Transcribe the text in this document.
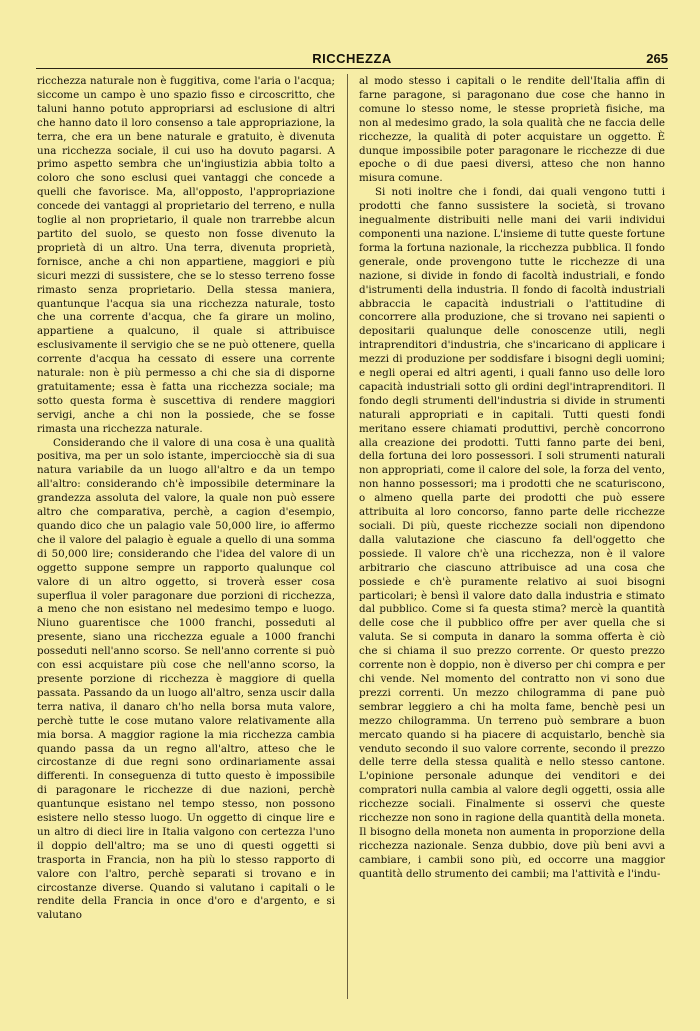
RICCHEZZA	265

ricchezza naturale non è fuggitiva, come l'aria o l'acqua; siccome un campo è uno spazio fisso e circoscritto, che taluni hanno potuto appropriarsi ad esclusione di altri che hanno dato il loro consenso a tale appropriazione, la terra, che era un bene naturale e gratuito, è divenuta una ricchezza sociale, il cui uso ha dovuto pagarsi. A primo aspetto sembra che un'ingiustizia abbia tolto a coloro che sono esclusi quei vantaggi che concede a quelli che favorisce. Ma, all'opposto, l'appropriazione concede dei vantaggi al proprietario del terreno, e nulla toglie al non proprietario, il quale non trarrebbe alcun partito del suolo, se questo non fosse divenuto la proprietà di un altro. Una terra, divenuta proprietà, fornisce, anche a chi non appartiene, maggiori e più sicuri mezzi di sussistere, che se lo stesso terreno fosse rimasto senza proprietario. Della stessa maniera, quantunque l'acqua sia una ricchezza naturale, tosto che una corrente d'acqua, che fa girare un molino, appartiene a qualcuno, il quale si attribuisce esclusivamente il servigio che se ne può ottenere, quella corrente d'acqua ha cessato di essere una corrente naturale: non è più permesso a chi che sia di disporne gratuitamente; essa è fatta una ricchezza sociale; ma sotto questa forma è suscettiva di rendere maggiori servigi, anche a chi non la possiede, che se fosse rimasta una ricchezza naturale.

Considerando che il valore di una cosa è una qualità positiva, ma per un solo istante, imperciocchè sia di sua natura variabile da un luogo all'altro e da un tempo all'altro: considerando ch'è impossibile determinare la grandezza assoluta del valore, la quale non può essere altro che comparativa, perchè, a cagion d'esempio, quando dico che un palagio vale 50,000 lire, io affermo che il valore del palagio è eguale a quello di una somma di 50,000 lire; considerando che l'idea del valore di un oggetto suppone sempre un rapporto qualunque col valore di un altro oggetto, si troverà esser cosa superflua il voler paragonare due porzioni di ricchezza, a meno che non esistano nel medesimo tempo e luogo. Niuno guarentisce che 1000 franchi, posseduti al presente, siano una ricchezza eguale a 1000 franchi posseduti nell'anno scorso. Se nell'anno corrente si può con essi acquistare più cose che nell'anno scorso, la presente porzione di ricchezza è maggiore di quella passata. Passando da un luogo all'altro, senza uscir dalla terra nativa, il danaro ch'ho nella borsa muta valore, perchè tutte le cose mutano valore relativamente alla mia borsa. A maggior ragione la mia ricchezza cambia quando passa da un regno all'altro, atteso che le circostanze di due regni sono ordinariamente assai differenti. In conseguenza di tutto questo è impossibile di paragonare le ricchezze di due nazioni, perchè quantunque esistano nel tempo stesso, non possono esistere nello stesso luogo. Un oggetto di cinque lire e un altro di dieci lire in Italia valgono con certezza l'uno il doppio dell'altro; ma se uno di questi oggetti si trasporta in Francia, non ha più lo stesso rapporto di valore con l'altro, perchè separati si trovano e in circostanze diverse. Quando si valutano i capitali o le rendite della Francia in once d'oro e d'argento, e si valutano

al modo stesso i capitali o le rendite dell'Italia affin di farne paragone, si paragonano due cose che hanno in comune lo stesso nome, le stesse proprietà fisiche, ma non al medesimo grado, la sola qualità che ne faccia delle ricchezze, la qualità di poter acquistare un oggetto. È dunque impossibile poter paragonare le ricchezze di due epoche o di due paesi diversi, atteso che non hanno misura comune.

Si noti inoltre che i fondi, dai quali vengono tutti i prodotti che fanno sussistere la società, si trovano inegualmente distribuiti nelle mani dei varii individui componenti una nazione. L'insieme di tutte queste fortune forma la fortuna nazionale, la ricchezza pubblica. Il fondo generale, onde provengono tutte le ricchezze di una nazione, si divide in fondo di facoltà industriali, e fondo d'istrumenti della industria. Il fondo di facoltà industriali abbraccia le capacità industriali o l'attitudine di concorrere alla produzione, che si trovano nei sapienti o depositarii qualunque delle conoscenze utili, negli intraprenditori d'industria, che s'incaricano di applicare i mezzi di produzione per soddisfare i bisogni degli uomini; e negli operai ed altri agenti, i quali fanno uso delle loro capacità industriali sotto gli ordini degl'intraprenditori. Il fondo degli strumenti dell'industria si divide in strumenti naturali appropriati e in capitali. Tutti questi fondi meritano essere chiamati produttivi, perchè concorrono alla creazione dei prodotti. Tutti fanno parte dei beni, della fortuna dei loro possessori. I soli strumenti naturali non appropriati, come il calore del sole, la forza del vento, non hanno possessori; ma i prodotti che ne scaturiscono, o almeno quella parte dei prodotti che può essere attribuita al loro concorso, fanno parte delle ricchezze sociali. Di più, queste ricchezze sociali non dipendono dalla valutazione che ciascuno fa dell'oggetto che possiede. Il valore ch'è una ricchezza, non è il valore arbitrario che ciascuno attribuisce ad una cosa che possiede e ch'è puramente relativo ai suoi bisogni particolari; è bensì il valore dato dalla industria e stimato dal pubblico. Come si fa questa stima? mercè la quantità delle cose che il pubblico offre per aver quella che si valuta. Se si computa in danaro la somma offerta è ciò che si chiama il suo prezzo corrente. Or questo prezzo corrente non è doppio, non è diverso per chi compra e per chi vende. Nel momento del contratto non vi sono due prezzi correnti. Un mezzo chilogramma di pane può sembrar leggiero a chi ha molta fame, benchè pesi un mezzo chilogramma. Un terreno può sembrare a buon mercato quando si ha piacere di acquistarlo, benchè sia venduto secondo il suo valore corrente, secondo il prezzo delle terre della stessa qualità e nello stesso cantone. L'opinione personale adunque dei venditori e dei compratori nulla cambia al valore degli oggetti, ossia alle ricchezze sociali. Finalmente si osservi che queste ricchezze non sono in ragione della quantità della moneta. Il bisogno della moneta non aumenta in proporzione della ricchezza nazionale. Senza dubbio, dove più beni avvi a cambiare, i cambii sono più, ed occorre una maggior quantità dello strumento dei cambii; ma l'attività e l'indu-
